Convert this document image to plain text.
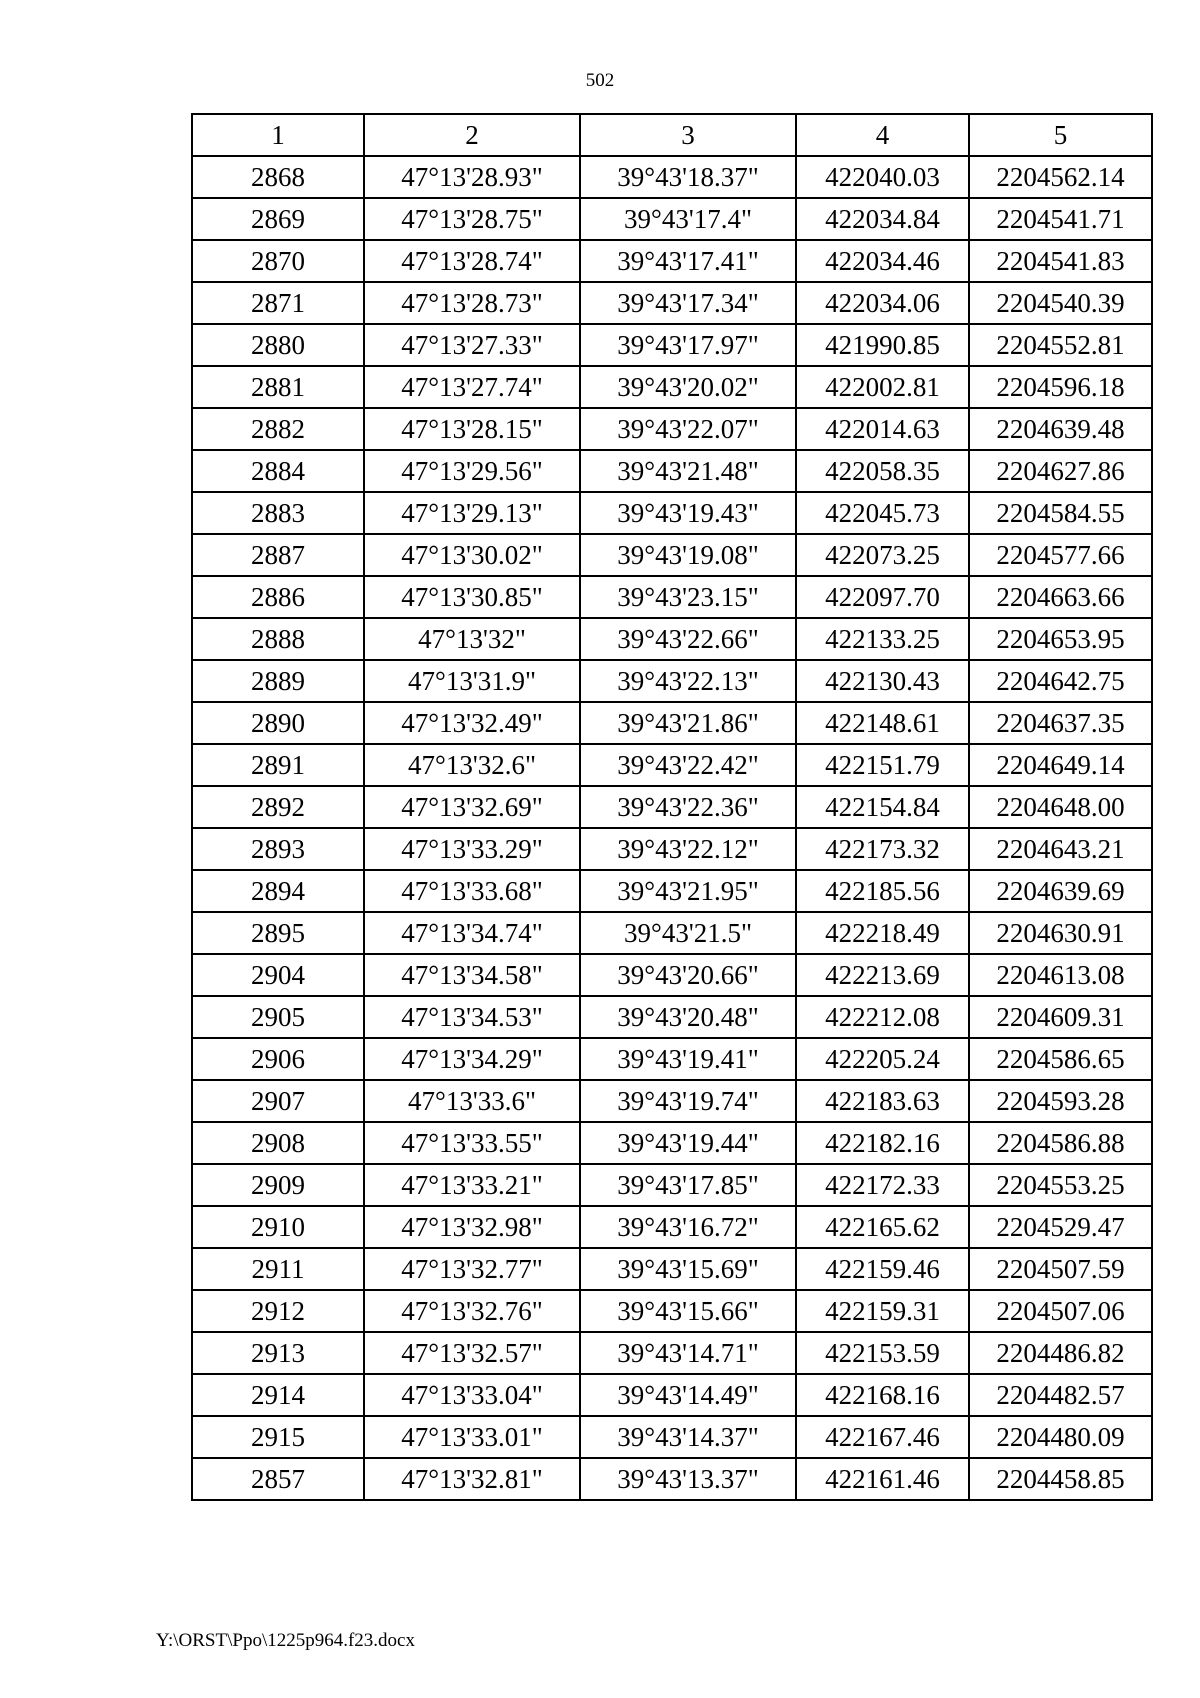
502
1	2	3	4	5
2868	47°13'28.93"	39°43'18.37"	422040.03	2204562.14
2869	47°13'28.75"	39°43'17.4"	422034.84	2204541.71
2870	47°13'28.74"	39°43'17.41"	422034.46	2204541.83
2871	47°13'28.73"	39°43'17.34"	422034.06	2204540.39
2880	47°13'27.33"	39°43'17.97"	421990.85	2204552.81
2881	47°13'27.74"	39°43'20.02"	422002.81	2204596.18
2882	47°13'28.15"	39°43'22.07"	422014.63	2204639.48
2884	47°13'29.56"	39°43'21.48"	422058.35	2204627.86
2883	47°13'29.13"	39°43'19.43"	422045.73	2204584.55
2887	47°13'30.02"	39°43'19.08"	422073.25	2204577.66
2886	47°13'30.85"	39°43'23.15"	422097.70	2204663.66
2888	47°13'32"	39°43'22.66"	422133.25	2204653.95
2889	47°13'31.9"	39°43'22.13"	422130.43	2204642.75
2890	47°13'32.49"	39°43'21.86"	422148.61	2204637.35
2891	47°13'32.6"	39°43'22.42"	422151.79	2204649.14
2892	47°13'32.69"	39°43'22.36"	422154.84	2204648.00
2893	47°13'33.29"	39°43'22.12"	422173.32	2204643.21
2894	47°13'33.68"	39°43'21.95"	422185.56	2204639.69
2895	47°13'34.74"	39°43'21.5"	422218.49	2204630.91
2904	47°13'34.58"	39°43'20.66"	422213.69	2204613.08
2905	47°13'34.53"	39°43'20.48"	422212.08	2204609.31
2906	47°13'34.29"	39°43'19.41"	422205.24	2204586.65
2907	47°13'33.6"	39°43'19.74"	422183.63	2204593.28
2908	47°13'33.55"	39°43'19.44"	422182.16	2204586.88
2909	47°13'33.21"	39°43'17.85"	422172.33	2204553.25
2910	47°13'32.98"	39°43'16.72"	422165.62	2204529.47
2911	47°13'32.77"	39°43'15.69"	422159.46	2204507.59
2912	47°13'32.76"	39°43'15.66"	422159.31	2204507.06
2913	47°13'32.57"	39°43'14.71"	422153.59	2204486.82
2914	47°13'33.04"	39°43'14.49"	422168.16	2204482.57
2915	47°13'33.01"	39°43'14.37"	422167.46	2204480.09
2857	47°13'32.81"	39°43'13.37"	422161.46	2204458.85
Y:\ORST\Ppo\1225p964.f23.docx
